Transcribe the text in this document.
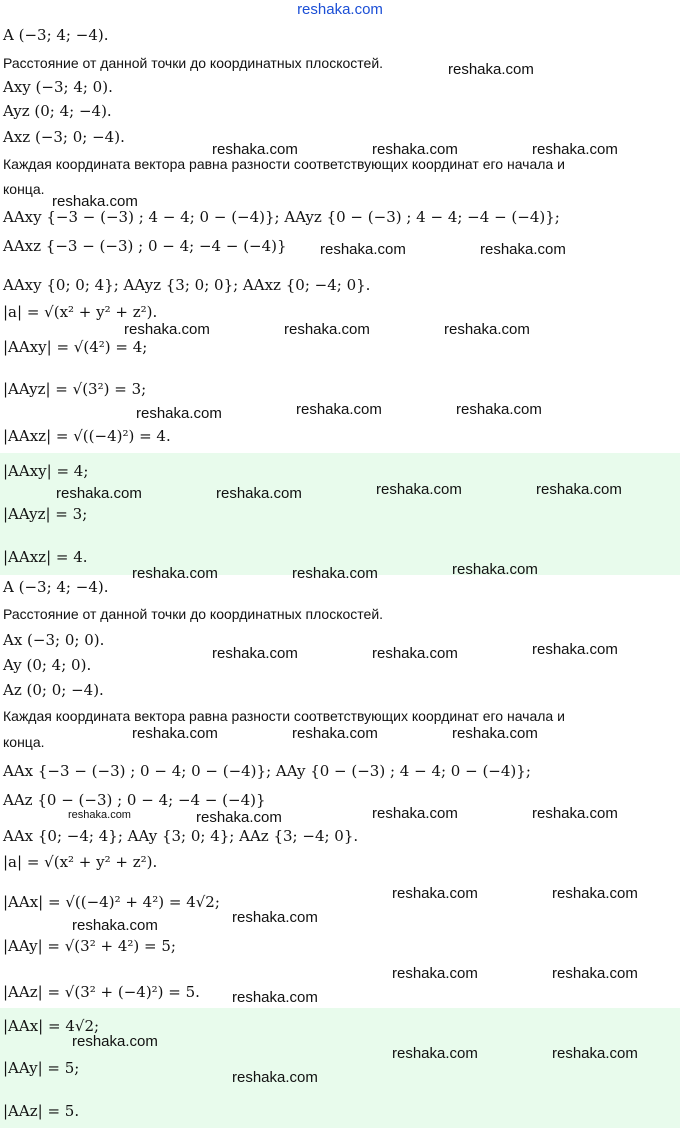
reshaka.com
A (−3; 4; −4).
Расстояние от данной точки до координатных плоскостей.
Axy (−3; 4; 0).
Ayz (0; 4; −4).
Axz (−3; 0; −4).
Каждая координата вектора равна разности соответствующих координат его начала и
конца.
AAxy {−3 − (−3) ; 4 − 4; 0 − (−4)}; AAyz {0 − (−3) ; 4 − 4; −4 − (−4)};
AAxz {−3 − (−3) ; 0 − 4; −4 − (−4)}
AAxy {0; 0; 4}; AAyz {3; 0; 0}; AAxz {0; −4; 0}.
|a| = √(x² + y² + z²).
|AAxy| = √(4²) = 4;
|AAyz| = √(3²) = 3;
|AAxz| = √((−4)²) = 4.
|AAxy| = 4;
|AAyz| = 3;
|AAxz| = 4.
A (−3; 4; −4).
Расстояние от данной точки до координатных плоскостей.
Ax (−3; 0; 0).
Ay (0; 4; 0).
Az (0; 0; −4).
Каждая координата вектора равна разности соответствующих координат его начала и
конца.
AAx {−3 − (−3) ; 0 − 4; 0 − (−4)}; AAy {0 − (−3) ; 4 − 4; 0 − (−4)};
AAz {0 − (−3) ; 0 − 4; −4 − (−4)}
AAx {0; −4; 4}; AAy {3; 0; 4}; AAz {3; −4; 0}.
|a| = √(x² + y² + z²).
|AAx| = √((−4)² + 4²) = 4√2;
|AAy| = √(3² + 4²) = 5;
|AAz| = √(3² + (−4)²) = 5.
|AAx| = 4√2;
|AAy| = 5;
|AAz| = 5.
reshaka.com
reshaka.com	reshaka.com	reshaka.com
reshaka.com
reshaka.com	reshaka.com
reshaka.com	reshaka.com	reshaka.com
reshaka.com	reshaka.com	reshaka.com
reshaka.com	reshaka.com	reshaka.com	reshaka.com
reshaka.com	reshaka.com	reshaka.com
reshaka.com	reshaka.com	reshaka.com
reshaka.com	reshaka.com	reshaka.com
reshaka.com	reshaka.com	reshaka.com	reshaka.com
reshaka.com	reshaka.com
reshaka.com
reshaka.com
reshaka.com	reshaka.com
reshaka.com
reshaka.com
reshaka.com	reshaka.com
reshaka.com
